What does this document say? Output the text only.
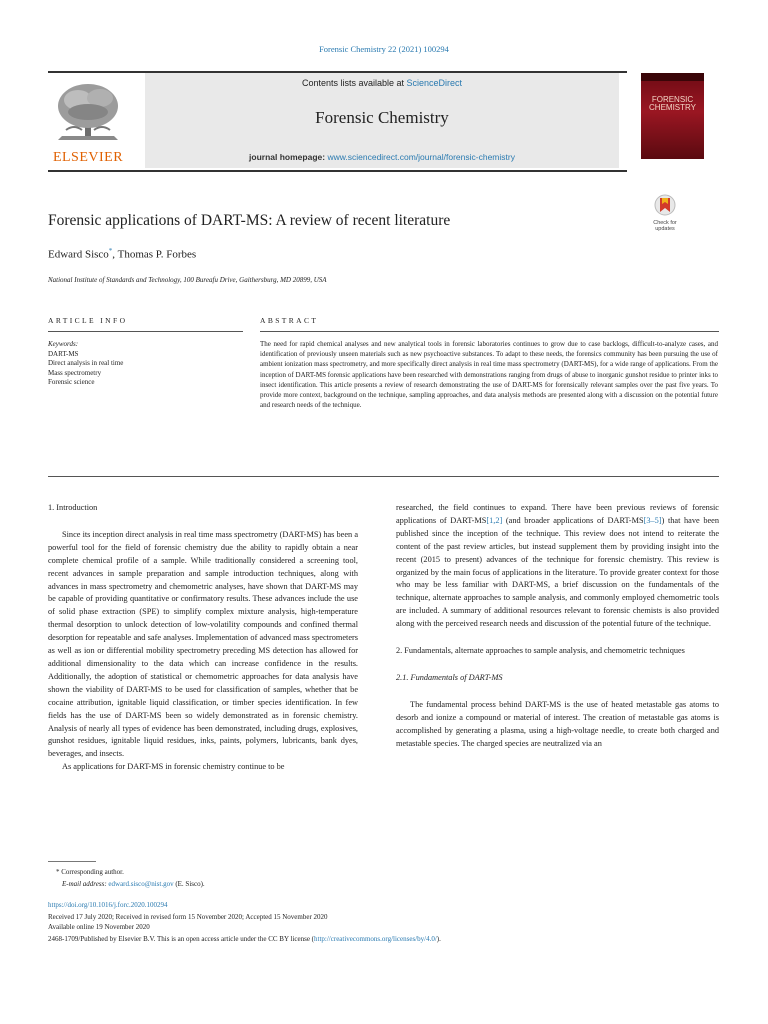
Forensic Chemistry 22 (2021) 100294
ELSEVIER
Contents lists available at ScienceDirect
Forensic Chemistry
journal homepage: www.sciencedirect.com/journal/forensic-chemistry
FORENSIC
CHEMISTRY
Forensic applications of DART-MS: A review of recent literature	Check for
updates
Edward Sisco*, Thomas P. Forbes
National Institute of Standards and Technology, 100 Bureafu Drive, Gaithersburg, MD 20899, USA
ARTICLE INFO	ABSTRACT
Keywords:
DART-MS
Direct analysis in real time
Mass spectrometry
Forensic science
The need for rapid chemical analyses and new analytical tools in forensic laboratories continues to grow due to case backlogs, difficult-to-analyze cases, and identification of previously unseen materials such as new psychoactive substances. To adapt to these needs, the forensics community has been pursuing the use of ambient ionization mass spectrometry, and more specifically direct analysis in real time mass spectrometry (DART-MS), for a wide range of applications. From the inception of DART-MS forensic applications have been researched with demonstrations ranging from drugs of abuse to inorganic gunshot residue to printer inks to insect identification. This article presents a review of research demonstrating the use of DART-MS for forensically relevant samples over the past five years. To provide more context, background on the technique, sampling approaches, and data analysis methods are presented along with a discussion on the potential future and research needs of the technique.
1. Introduction

Since its inception direct analysis in real time mass spectrometry (DART-MS) has been a powerful tool for the field of forensic chemistry due the ability to rapidly obtain a near complete chemical profile of a sample. While traditionally considered a screening tool, recent advances in sample preparation and sample introduction techniques, along with advances in mass spectrometry and chemometric analyses, have shown that DART-MS may be capable of providing quantitative or confirmatory results. These advances include the use of solid phase extraction (SPE) to simplify complex mixture analysis, high-temperature thermal desorption to unlock detection of low-volatility compounds and confined thermal desorption for repeatable and safe analyses. Implementation of advanced mass spectrometers as well as ion or differential mobility spectrometry preceding MS detection has allowed for additional dimensionality to the data which can increase confidence in the results. Additionally, the adoption of statistical or chemometric approaches for data analysis have shown the viability of DART-MS to be used for classification of samples, whether that be cocaine attribution, ignitable liquid classification, or timber species identification. In few fields has the use of DART-MS been so widely demonstrated as in forensic chemistry. Analysis of nearly all types of evidence has been demonstrated, including drugs, explosives, gunshot residues, ignitable liquid residues, inks, paints, polymers, lubricants, bank dyes, beverages, and insects.

As applications for DART-MS in forensic chemistry continue to be

researched, the field continues to expand. There have been previous reviews of forensic applications of DART-MS[1,2] (and broader applications of DART-MS[3–5]) that have been published since the inception of the technique. This review does not intend to reiterate the content of the past review articles, but instead supplement them by providing insight into the recent (2015 to present) advances of the technique for forensic chemistry. This review is organized by the main focus of applications in the literature. To provide greater context for those who may be less familiar with DART-MS, a brief discussion on the fundamentals of the technique, alternate approaches to sample analysis, and commonly employed chemometric tools are included. A summary of additional resources relevant to forensic chemists is also provided along with the perceived research needs and discussion of the potential future of the technique.

2. Fundamentals, alternate approaches to sample analysis, and chemometric techniques
2.1. Fundamentals of DART-MS

The fundamental process behind DART-MS is the use of heated metastable gas atoms to desorb and ionize a compound or material of interest. The creation of metastable gas atoms is accomplished by generating a plasma, using a high-voltage needle, to create both charged and metastable species. The charged species are neutralized via an

* Corresponding author.
E-mail address: edward.sisco@nist.gov (E. Sisco).
https://doi.org/10.1016/j.forc.2020.100294
Received 17 July 2020; Received in revised form 15 November 2020; Accepted 15 November 2020
Available online 19 November 2020
2468-1709/Published by Elsevier B.V. This is an open access article under the CC BY license (http://creativecommons.org/licenses/by/4.0/).
